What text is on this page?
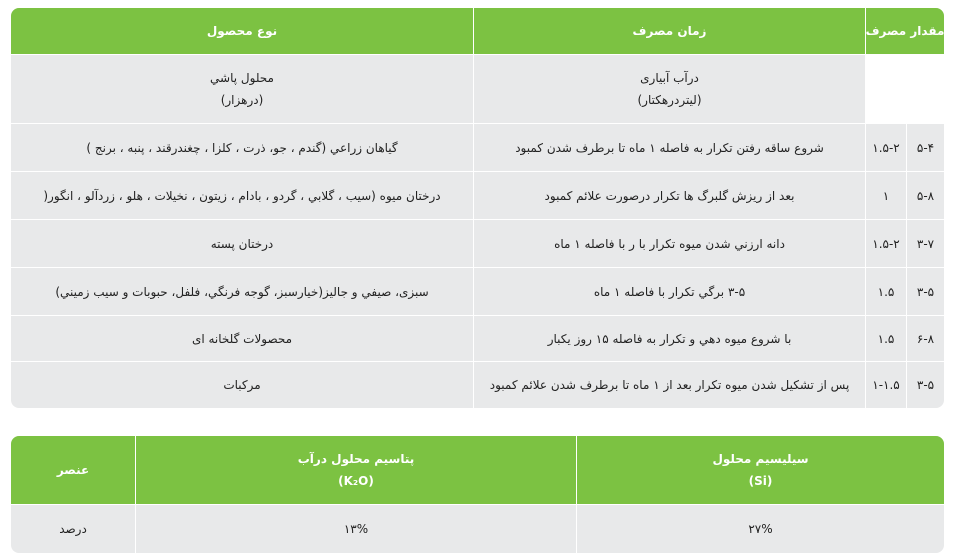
مقدار مصرف
زمان مصرف
نوع محصول
درآب آبیاری
(لیتردرهکتار)
محلول پاشي
(درهزار)
۵-۴
۱.۵-۲
شروع ساقه رفتن تکرار به فاصله ۱ ماه تا برطرف شدن کمبود
گیاهان زراعي (گندم ، جو، ذرت ، کلزا ، چغندرقند ، پنبه ، برنج )
۵-۸
۱
بعد از ریزش گلبرگ ها تکرار درصورت علائم کمبود
درختان میوه (سیب ، گلابي ، گردو ، بادام ، زیتون ، نخیلات ، هلو ، زردآلو ، انگور(
۳-۷
۱.۵-۲
دانه ارزني شدن میوه تکرار با ر با فاصله ۱ ماه
درختان پسته
۳-۵
۱.۵
۳-۵ برگي تکرار با فاصله ۱ ماه
سبزی، صیفي و جالیز(خیارسبز، گوجه فرنگي، فلفل، حبوبات و سیب زمیني)
۶-۸
۱.۵
با شروع میوه دهي و تکرار به فاصله ۱۵ روز یکبار
محصولات گلخانه ای
۳-۵
۱-۱.۵
پس از تشکیل شدن میوه تکرار بعد از ۱ ماه تا برطرف شدن علائم کمبود
مرکبات
عنصر
پتاسیم محلول درآب
(K₂O)
سیلیسیم محلول
(Si)
درصد	۱۳%	۲۷%
